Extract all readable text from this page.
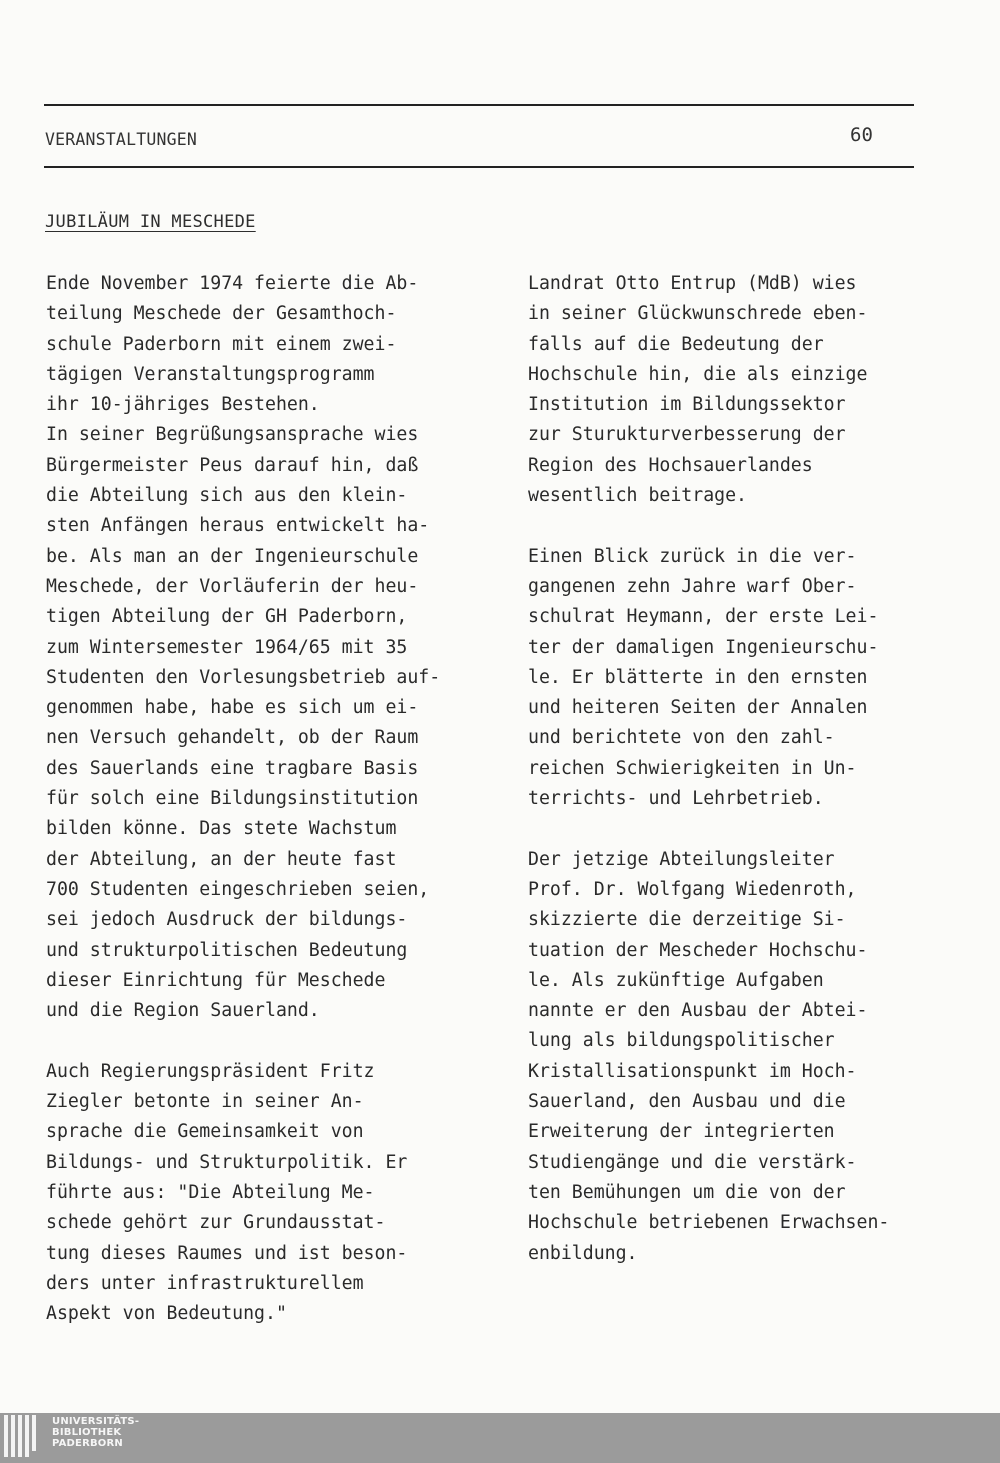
VERANSTALTUNGEN	60
JUBILÄUM IN MESCHEDE
Ende November 1974 feierte die Ab-
teilung Meschede der Gesamthoch-
schule Paderborn mit einem zwei-
tägigen Veranstaltungsprogramm
ihr 10-jähriges Bestehen.
In seiner Begrüßungsansprache wies
Bürgermeister Peus darauf hin, daß
die Abteilung sich aus den klein-
sten Anfängen heraus entwickelt ha-
be. Als man an der Ingenieurschule
Meschede, der Vorläuferin der heu-
tigen Abteilung der GH Paderborn,
zum Wintersemester 1964/65 mit 35
Studenten den Vorlesungsbetrieb auf-
genommen habe, habe es sich um ei-
nen Versuch gehandelt, ob der Raum
des Sauerlands eine tragbare Basis
für solch eine Bildungsinstitution
bilden könne. Das stete Wachstum
der Abteilung, an der heute fast
700 Studenten eingeschrieben seien,
sei jedoch Ausdruck der bildungs-
und strukturpolitischen Bedeutung
dieser Einrichtung für Meschede
und die Region Sauerland.
Auch Regierungspräsident Fritz
Ziegler betonte in seiner An-
sprache die Gemeinsamkeit von
Bildungs- und Strukturpolitik. Er
führte aus: "Die Abteilung Me-
schede gehört zur Grundausstat-
tung dieses Raumes und ist beson-
ders unter infrastrukturellem
Aspekt von Bedeutung."
Landrat Otto Entrup (MdB) wies
in seiner Glückwunschrede eben-
falls auf die Bedeutung der
Hochschule hin, die als einzige
Institution im Bildungssektor
zur Sturukturverbesserung der
Region des Hochsauerlandes
wesentlich beitrage.
Einen Blick zurück in die ver-
gangenen zehn Jahre warf Ober-
schulrat Heymann, der erste Lei-
ter der damaligen Ingenieurschu-
le. Er blätterte in den ernsten
und heiteren Seiten der Annalen
und berichtete von den zahl-
reichen Schwierigkeiten in Un-
terrichts- und Lehrbetrieb.
Der jetzige Abteilungsleiter
Prof. Dr. Wolfgang Wiedenroth,
skizzierte die derzeitige Si-
tuation der Mescheder Hochschu-
le. Als zukünftige Aufgaben
nannte er den Ausbau der Abtei-
lung als bildungspolitischer
Kristallisationspunkt im Hoch-
Sauerland, den Ausbau und die
Erweiterung der integrierten
Studiengänge und die verstärk-
ten Bemühungen um die von der
Hochschule betriebenen Erwachsen-
enbildung.
UNIVERSITÄTS-
BIBLIOTHEK
PADERBORN
